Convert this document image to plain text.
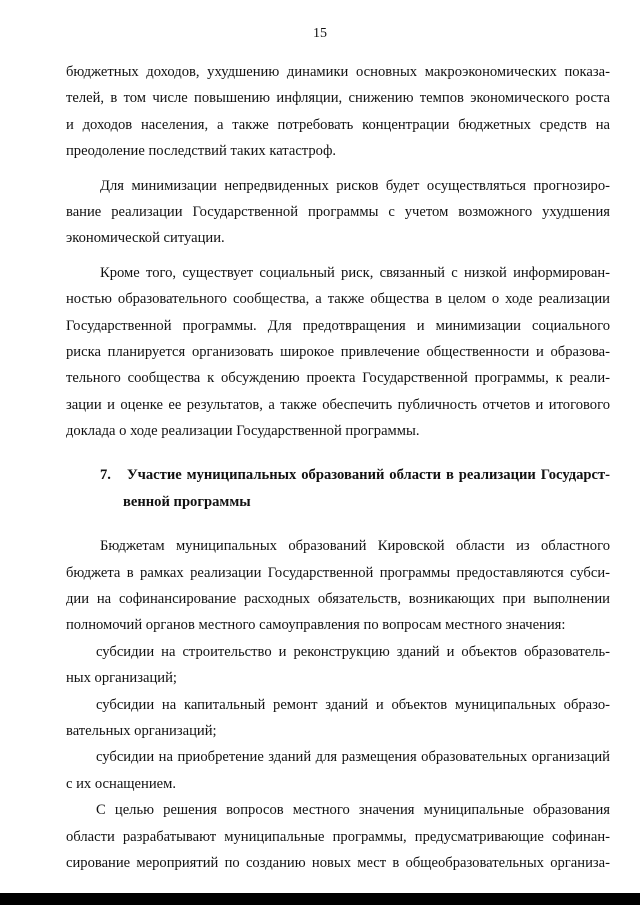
15
бюджетных доходов, ухудшению динамики основных макроэкономических показа-
телей, в том числе повышению инфляции, снижению темпов экономического роста
и доходов населения, а также потребовать концентрации бюджетных средств на
преодоление последствий таких катастроф.
Для минимизации непредвиденных рисков будет осуществляться прогнозиро-
вание реализации Государственной программы с учетом возможного ухудшения
экономической ситуации.
Кроме того, существует социальный риск, связанный с низкой информирован-
ностью образовательного сообщества, а также общества в целом о ходе реализации
Государственной программы. Для предотвращения и минимизации социального
риска планируется организовать широкое привлечение общественности и образова-
тельного сообщества к обсуждению проекта Государственной программы, к реали-
зации и оценке ее результатов, а также обеспечить публичность отчетов и итогового
доклада о ходе реализации Государственной программы.
7. Участие муниципальных образований области в реализации Государст-
венной программы
Бюджетам муниципальных образований Кировской области из областного
бюджета в рамках реализации Государственной программы предоставляются субси-
дии на софинансирование расходных обязательств, возникающих при выполнении
полномочий органов местного самоуправления по вопросам местного значения:
субсидии на строительство и реконструкцию зданий и объектов образователь-
ных организаций;
субсидии на капитальный ремонт зданий и объектов муниципальных образо-
вательных организаций;
субсидии на приобретение зданий для размещения образовательных организаций
с их оснащением.
С целью решения вопросов местного значения муниципальные образования
области разрабатывают муниципальные программы, предусматривающие софинан-
сирование мероприятий по созданию новых мест в общеобразовательных организа-
